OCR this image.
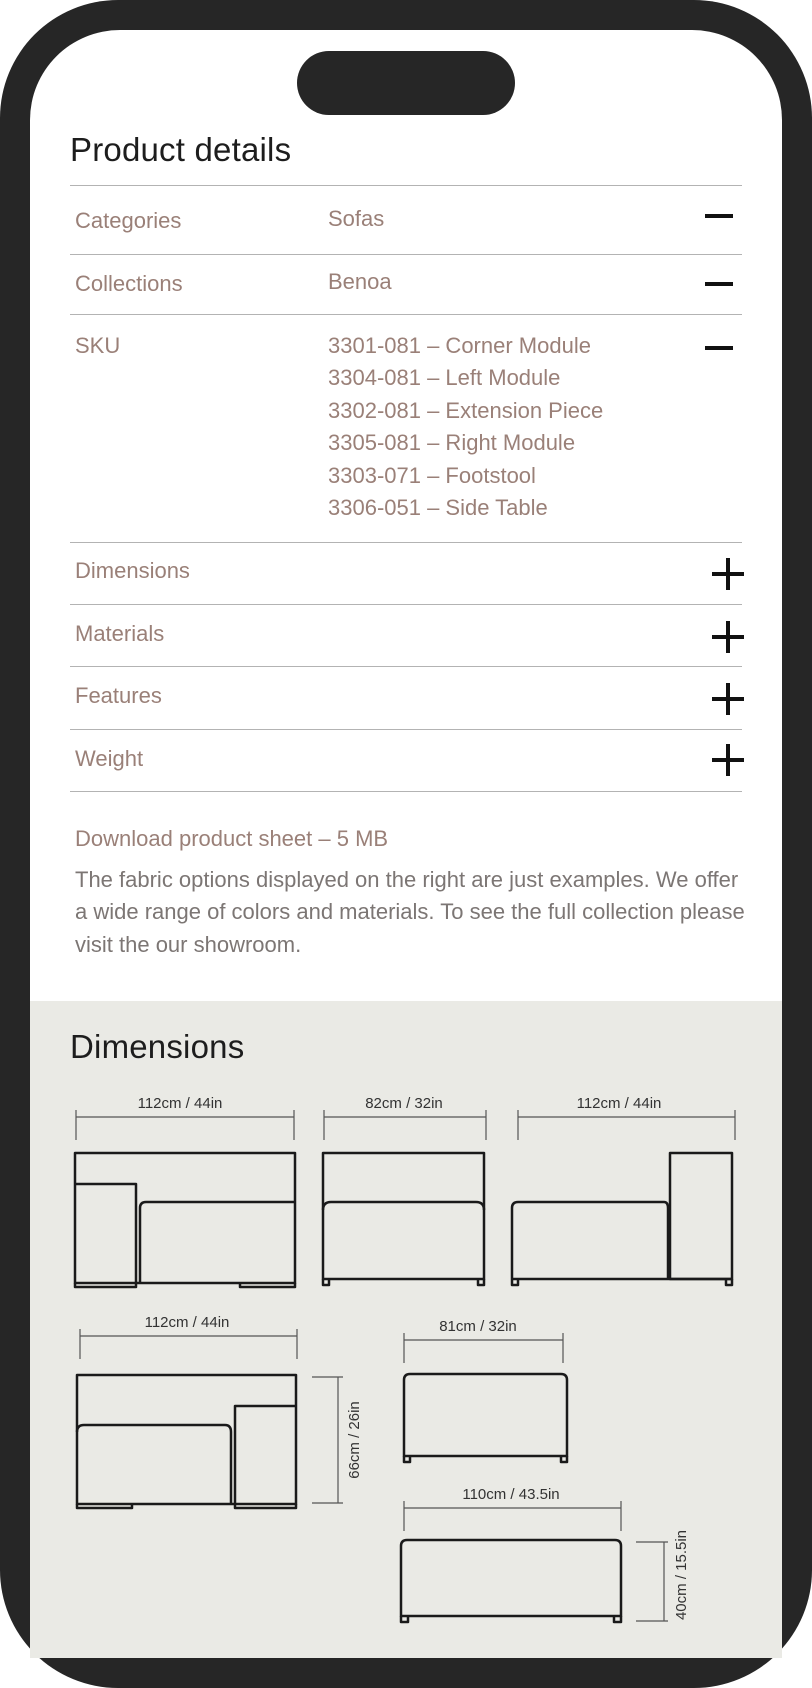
Product details
Categories	Sofas
Collections	Benoa
SKU	3301-081 – Corner Module
3304-081 – Left Module
3302-081 – Extension Piece
3305-081 – Right Module
3303-071 – Footstool
3306-051 – Side Table
Dimensions
Materials
Features
Weight
Download product sheet – 5 MB
The fabric options displayed on the right are just examples. We offer a wide range of colors and materials. To see the full collection please visit the our showroom.
Dimensions
112cm / 44in	82cm / 32in	112cm / 44in
112cm / 44in	81cm / 32in
110cm / 43.5in
66cm / 26in
40cm / 15.5in
